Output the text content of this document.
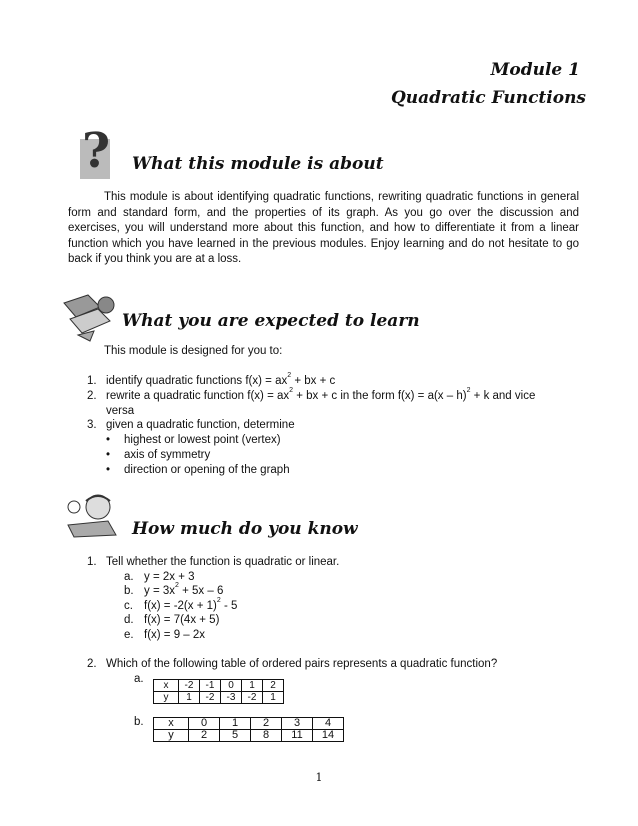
Module 1
Quadratic Functions
? What this module is about
This module is about identifying quadratic functions, rewriting quadratic functions in general form and standard form, and the properties of its graph. As you go over the discussion and exercises, you will understand more about this function, and how to differentiate it from a linear function which you have learned in the previous modules. Enjoy learning and do not hesitate to go back if you think you are at a loss.
What you are expected to learn
This module is designed for you to:
1. identify quadratic functions $f(x) = ax^2$ + bx + c
2. rewrite a quadratic function $f(x) = ax^2$ + bx + c in the form f(x) = a(x – h)$^2$ + k and vice
versa
3. given a quadratic function, determine
• highest or lowest point (vertex)
• axis of symmetry
• direction or opening of the graph
How much do you know
1. Tell whether the function is quadratic or linear.
a. y = 2x + 3
b. $y = 3x^2 + 5x - 6$
c. $f(x) = -2(x + 1)^2 - 5$
d. f(x) = 7(4x + 5)
e. f(x) = 9 – 2x
2. Which of the following table of ordered pairs represents a quadratic function?
a.
x	-2	-1	0	1	2
y	1	-2	-3	-2	1
b. x	0	1	2	3	4
y	2	5	8	11	14
1
